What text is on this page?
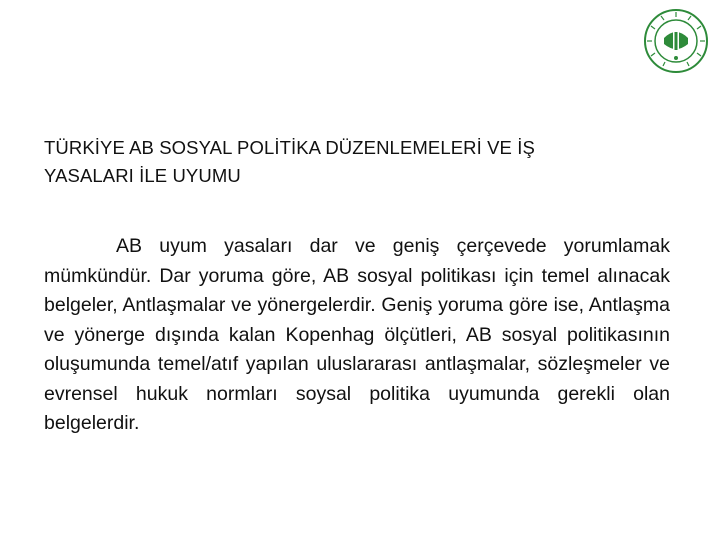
TÜRKİYE AB SOSYAL POLİTİKA DÜZENLEMELERİ VE İŞ
YASALARI İLE UYUMU

AB uyum yasaları dar ve geniş çerçevede yorumlamak mümkündür. Dar yoruma göre, AB sosyal politikası için temel alınacak belgeler, Antlaşmalar ve yönergelerdir. Geniş yoruma göre ise, Antlaşma ve yönerge dışında kalan Kopenhag ölçütleri, AB sosyal politikasının oluşumunda temel/atıf yapılan uluslararası antlaşmalar, sözleşmeler ve evrensel hukuk normları soysal politika uyumunda gerekli olan belgelerdir.
